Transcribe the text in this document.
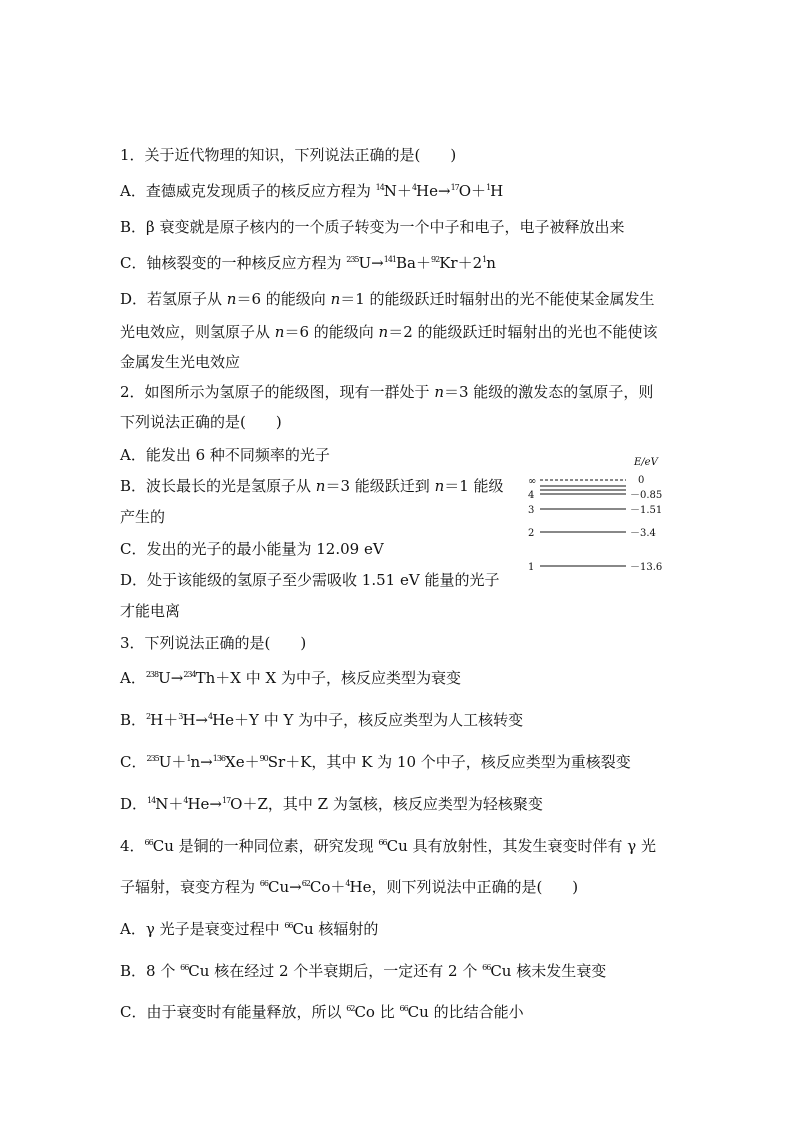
1．关于近代物理的知识，下列说法正确的是(　　)
A．查德威克发现质子的核反应方程为 $^{14}$N＋$^4$He→$^{17}$O＋$^1$H
B．β 衰变就是原子核内的一个质子转变为一个中子和电子，电子被释放出来
C．铀核裂变的一种核反应方程为 $^{235}U\to^{141}Ba+^{92}Kr+2^1n$
D．若氢原子从 n＝6 的能级向 n＝1 的能级跃迁时辐射出的光不能使某金属发生
光电效应，则氢原子从 n＝6 的能级向 n＝2 的能级跃迁时辐射出的光也不能使该
金属发生光电效应
2．如图所示为氢原子的能级图，现有一群处于 n＝3 能级的激发态的氢原子，则
下列说法正确的是(　　)
A．能发出 6 种不同频率的光子
B．波长最长的光是氢原子从 n＝3 能级跃迁到 n＝1 能级
产生的
C．发出的光子的最小能量为 12.09 eV
D．处于该能级的氢原子至少需吸收 1.51 eV 能量的光子
才能电离
E/eV
∞	0
4	－0.85
3	－1.51
2	－3.4
1	－13.6
3．下列说法正确的是(　　)
A．$^{238}$U→$^{234}$Th＋X 中 X 为中子，核反应类型为衰变
B．$^2$H＋$^3$H→$^4$He＋Y 中 Y 为中子，核反应类型为人工核转变
C．$^{235}$U＋$^1$n→$^{136}$Xe＋$^{90}$Sr＋K，其中 K 为 10 个中子，核反应类型为重核裂变
D．$^{14}$N＋$^4$He→$^{17}$O＋Z，其中 Z 为氢核，核反应类型为轻核聚变
4．$^{66}$Cu 是铜的一种同位素，研究发现 $^{66}$Cu 具有放射性，其发生衰变时伴有 γ 光
子辐射，衰变方程为 $^{66}$Cu→$^{62}$Co＋$^4$He，则下列说法中正确的是(　　)
A．γ 光子是衰变过程中 $^{66}$Cu 核辐射的
B．8 个 $^{66}$Cu 核在经过 2 个半衰期后，一定还有 2 个 $^{66}$Cu 核未发生衰变
C．由于衰变时有能量释放，所以 $^{62}$Co 比 $^{66}$Cu 的比结合能小
